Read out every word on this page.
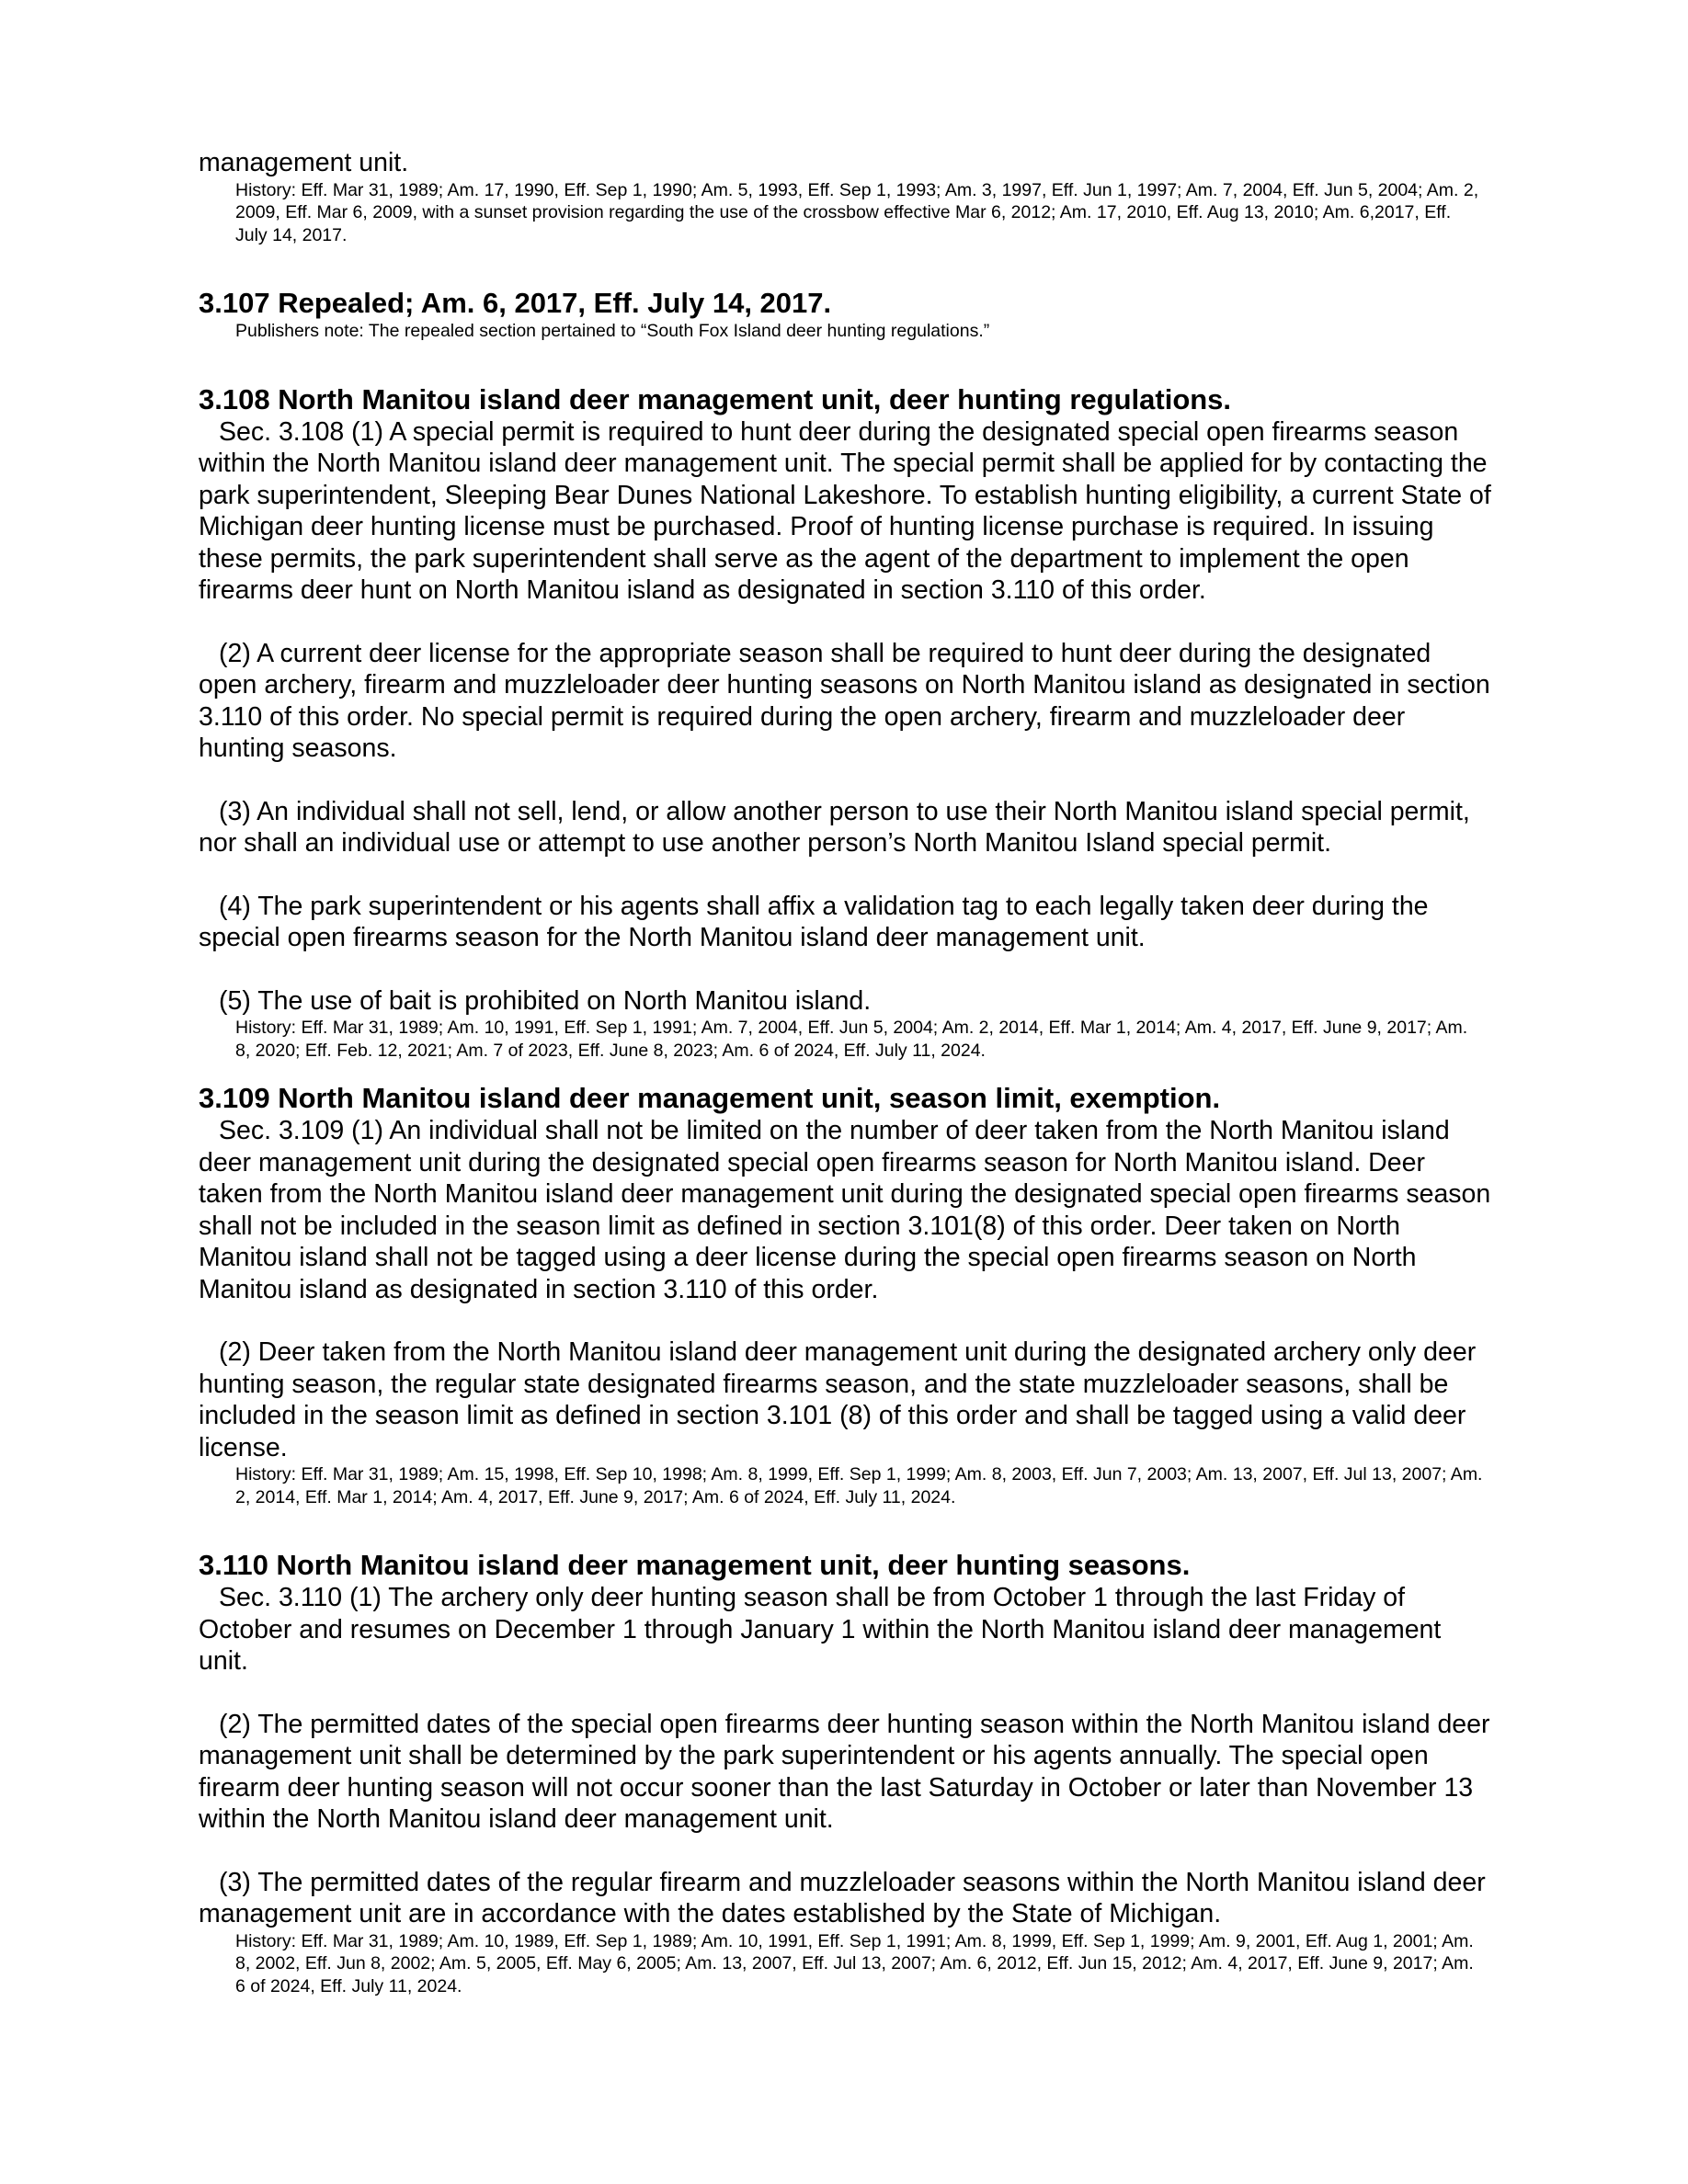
management unit.

History: Eff. Mar 31, 1989; Am. 17, 1990, Eff. Sep 1, 1990; Am. 5, 1993, Eff. Sep 1, 1993; Am. 3, 1997, Eff. Jun 1, 1997; Am. 7, 2004, Eff. Jun 5, 2004; Am. 2, 2009, Eff. Mar 6, 2009, with a sunset provision regarding the use of the crossbow effective Mar 6, 2012; Am. 17, 2010, Eff. Aug 13, 2010; Am. 6,2017, Eff. July 14, 2017.

3.107 Repealed; Am. 6, 2017, Eff. July 14, 2017.

Publishers note: The repealed section pertained to “South Fox Island deer hunting regulations.”

3.108 North Manitou island deer management unit, deer hunting regulations.

Sec. 3.108 (1) A special permit is required to hunt deer during the designated special open firearms season within the North Manitou island deer management unit. The special permit shall be applied for by contacting the park superintendent, Sleeping Bear Dunes National Lakeshore. To establish hunting eligibility, a current State of Michigan deer hunting license must be purchased. Proof of hunting license purchase is required. In issuing these permits, the park superintendent shall serve as the agent of the department to implement the open firearms deer hunt on North Manitou island as designated in section 3.110 of this order.

(2) A current deer license for the appropriate season shall be required to hunt deer during the designated open archery, firearm and muzzleloader deer hunting seasons on North Manitou island as designated in section 3.110 of this order. No special permit is required during the open archery, firearm and muzzleloader deer hunting seasons.

(3) An individual shall not sell, lend, or allow another person to use their North Manitou island special permit, nor shall an individual use or attempt to use another person’s North Manitou Island special permit.

(4) The park superintendent or his agents shall affix a validation tag to each legally taken deer during the special open firearms season for the North Manitou island deer management unit.

(5) The use of bait is prohibited on North Manitou island.

History: Eff. Mar 31, 1989; Am. 10, 1991, Eff. Sep 1, 1991; Am. 7, 2004, Eff. Jun 5, 2004; Am. 2, 2014, Eff. Mar 1, 2014; Am. 4, 2017, Eff. June 9, 2017; Am. 8, 2020; Eff. Feb. 12, 2021; Am. 7 of 2023, Eff. June 8, 2023; Am. 6 of 2024, Eff. July 11, 2024.

3.109 North Manitou island deer management unit, season limit, exemption.

Sec. 3.109 (1) An individual shall not be limited on the number of deer taken from the North Manitou island deer management unit during the designated special open firearms season for North Manitou island. Deer taken from the North Manitou island deer management unit during the designated special open firearms season shall not be included in the season limit as defined in section 3.101(8) of this order. Deer taken on North Manitou island shall not be tagged using a deer license during the special open firearms season on North Manitou island as designated in section 3.110 of this order.

(2) Deer taken from the North Manitou island deer management unit during the designated archery only deer hunting season, the regular state designated firearms season, and the state muzzleloader seasons, shall be included in the season limit as defined in section 3.101 (8) of this order and shall be tagged using a valid deer license.

History: Eff. Mar 31, 1989; Am. 15, 1998, Eff. Sep 10, 1998; Am. 8, 1999, Eff. Sep 1, 1999; Am. 8, 2003, Eff. Jun 7, 2003; Am. 13, 2007, Eff. Jul 13, 2007; Am. 2, 2014, Eff. Mar 1, 2014; Am. 4, 2017, Eff. June 9, 2017; Am. 6 of 2024, Eff. July 11, 2024.

3.110 North Manitou island deer management unit, deer hunting seasons.

Sec. 3.110 (1) The archery only deer hunting season shall be from October 1 through the last Friday of October and resumes on December 1 through January 1 within the North Manitou island deer management unit.

(2) The permitted dates of the special open firearms deer hunting season within the North Manitou island deer management unit shall be determined by the park superintendent or his agents annually. The special open firearm deer hunting season will not occur sooner than the last Saturday in October or later than November 13 within the North Manitou island deer management unit.

(3) The permitted dates of the regular firearm and muzzleloader seasons within the North Manitou island deer management unit are in accordance with the dates established by the State of Michigan.

History: Eff. Mar 31, 1989; Am. 10, 1989, Eff. Sep 1, 1989; Am. 10, 1991, Eff. Sep 1, 1991; Am. 8, 1999, Eff. Sep 1, 1999; Am. 9, 2001, Eff. Aug 1, 2001; Am. 8, 2002, Eff. Jun 8, 2002; Am. 5, 2005, Eff. May 6, 2005; Am. 13, 2007, Eff. Jul 13, 2007; Am. 6, 2012, Eff. Jun 15, 2012; Am. 4, 2017, Eff. June 9, 2017; Am. 6 of 2024, Eff. July 11, 2024.
